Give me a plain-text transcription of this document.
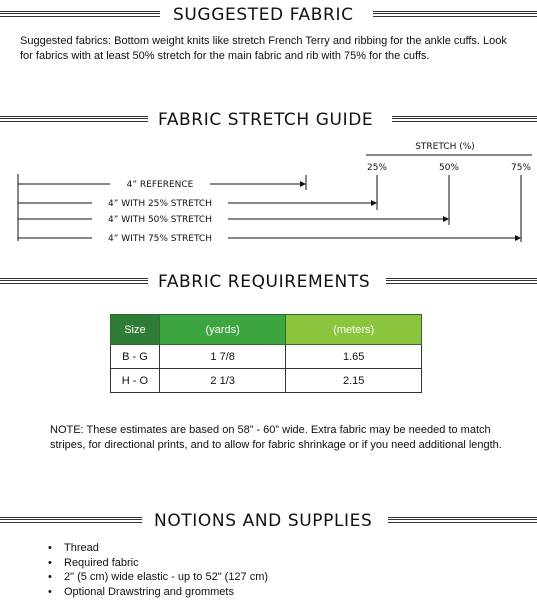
SUGGESTED FABRIC

Suggested fabrics: Bottom weight knits like stretch French Terry and ribbing for the ankle cuffs. Look for fabrics with at least 50% stretch for the main fabric and rib with 75% for the cuffs.

FABRIC STRETCH GUIDE
STRETCH (%)
25%	50%	75%
4” REFERENCE
4” WITH 25% STRETCH
4” WITH 50% STRETCH
4” WITH 75% STRETCH
FABRIC REQUIREMENTS
Size	(yards)	(meters)
B - G	1 7/8	1.65
H - O	2 1/3	2.15

NOTE: These estimates are based on 58” - 60” wide. Extra fabric may be needed to match stripes, for directional prints, and to allow for fabric shrinkage or if you need additional length.

NOTIONS AND SUPPLIES
• Thread
• Required fabric
• 2" (5 cm) wide elastic - up to 52" (127 cm)
• Optional Drawstring and grommets
